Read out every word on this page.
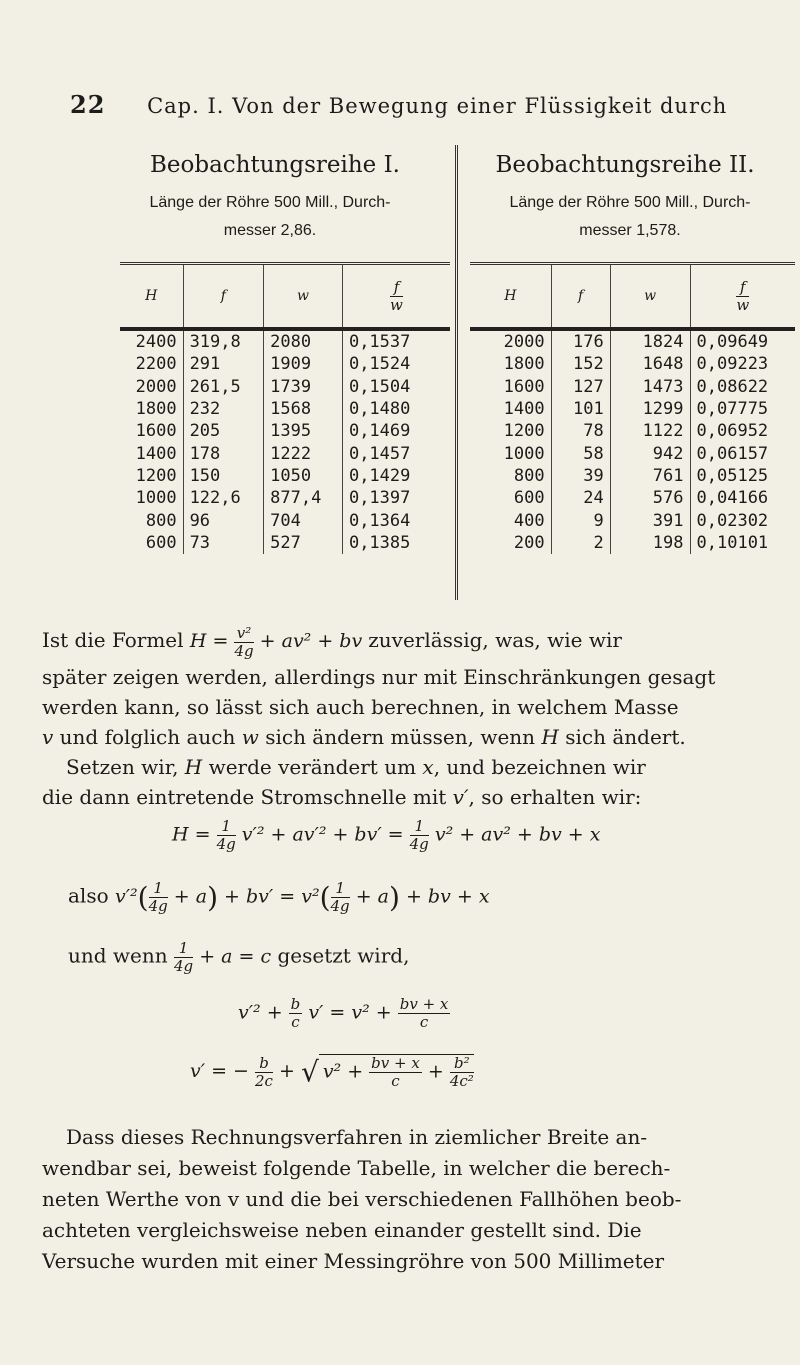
22 Cap. I. Von der Bewegung einer Flüssigkeit durch
Beobachtungsreihe I.
Länge der Röhre 500 Mill., Durch-
messer 2,86.
Beobachtungsreihe II.
Länge der Röhre 500 Mill., Durch-
messer 1,578.
H	f	w	$\frac{f}{w}$

2400	319,8	2080	0,1537
2200	291	1909	0,1524
2000	261,5	1739	0,1504
1800	232	1568	0,1480
1600	205	1395	0,1469
1400	178	1222	0,1457
1200	150	1050	0,1429
1000	122,6	877,4	0,1397
800	96	704	0,1364
600	73	527	0,1385
H	f	w	$\frac{f}{w}$

2000	176	1824	0,09649
1800	152	1648	0,09223
1600	127	1473	0,08622
1400	101	1299	0,07775
1200	78	1122	0,06952
1000	58	942	0,06157
800	39	761	0,05125
600	24	576	0,04166
400	9	391	0,02302
200	2	198	0,10101
Ist die Formel $H = \frac{\text{v²}}{4g} + av^2$ + bv zuverlässig, was, wie wir
später zeigen werden, allerdings nur mit Einschränkungen gesagt
werden kann, so lässt sich auch berechnen, in welchem Masse
v und folglich auch w sich ändern müssen, wenn H sich ändert.
Setzen wir, H werde verändert um x, und bezeichnen wir
die dann eintretende Stromschnelle mit v′, so erhalten wir:
$H = \frac{1}{4g} v'^2 + av'^2 + bv' = \frac{1}{4g} v^2 + av^2$ + bv + x
also $v'^2( \frac{1}{4g} + a) + bv' = v^2( \frac{1}{4g} + a)$ + bv + x
und wenn $\frac{1}{4g} + a = c$ gesetzt wird,
$v'^2 + \frac{b}{c} v' = v^2 + \frac{bv + x}{c}$
v′ = − $\frac{b}{2c}$ + √ $v^2 + \frac{bv + x}{c} + \frac{\text{b²}}{\text{4c²}}$
Dass dieses Rechnungsverfahren in ziemlicher Breite an-
wendbar sei, beweist folgende Tabelle, in welcher die berech-
neten Werthe von v und die bei verschiedenen Fallhöhen beob-
achteten vergleichsweise neben einander gestellt sind. Die
Versuche wurden mit einer Messingröhre von 500 Millimeter
